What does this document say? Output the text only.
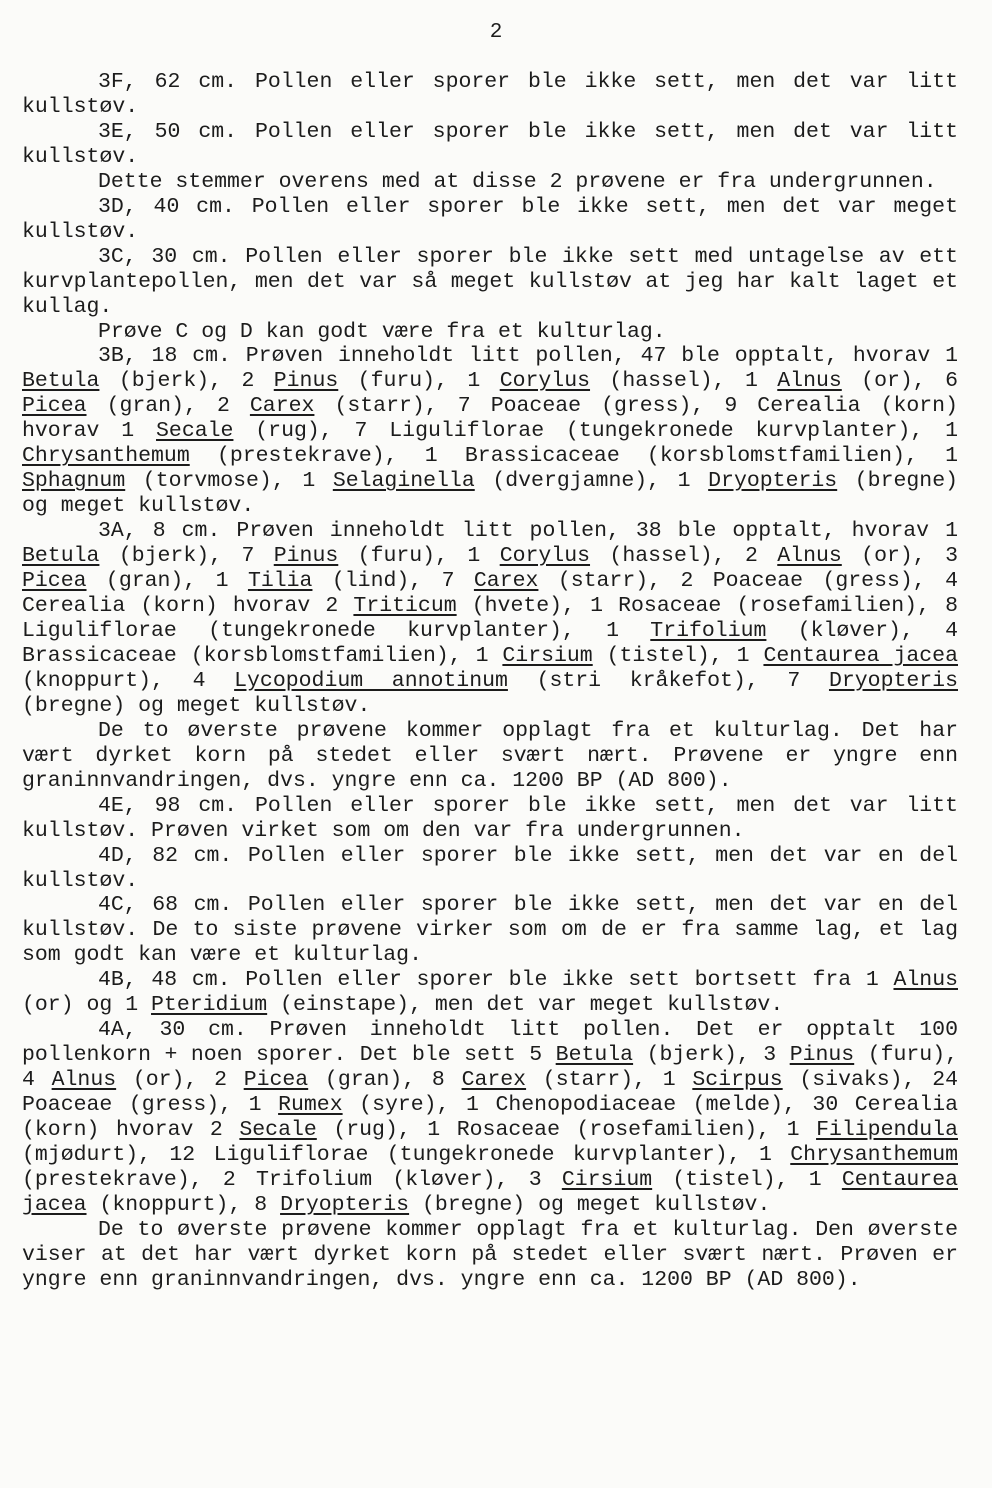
2

3F, 62 cm. Pollen eller sporer ble ikke sett, men det var litt kullstøv.

3E, 50 cm. Pollen eller sporer ble ikke sett, men det var litt kullstøv.

Dette stemmer overens med at disse 2 prøvene er fra undergrunnen.

3D, 40 cm. Pollen eller sporer ble ikke sett, men det var meget kullstøv.

3C, 30 cm. Pollen eller sporer ble ikke sett med untagelse av ett kurvplantepollen, men det var så meget kullstøv at jeg har kalt laget et kullag.

Prøve C og D kan godt være fra et kulturlag.

3B, 18 cm. Prøven inneholdt litt pollen, 47 ble opptalt, hvorav 1 Betula (bjerk), 2 Pinus (furu), 1 Corylus (hassel), 1 Alnus (or), 6 Picea (gran), 2 Carex (starr), 7 Poaceae (gress), 9 Cerealia (korn) hvorav 1 Secale (rug), 7 Liguliflorae (tungekronede kurvplanter), 1 Chrysanthemum (prestekrave), 1 Brassicaceae (korsblomstfamilien), 1 Sphagnum (torvmose), 1 Selaginella (dvergjamne), 1 Dryopteris (bregne) og meget kullstøv.

3A, 8 cm. Prøven inneholdt litt pollen, 38 ble opptalt, hvorav 1 Betula (bjerk), 7 Pinus (furu), 1 Corylus (hassel), 2 Alnus (or), 3 Picea (gran), 1 Tilia (lind), 7 Carex (starr), 2 Poaceae (gress), 4 Cerealia (korn) hvorav 2 Triticum (hvete), 1 Rosaceae (rosefamilien), 8 Liguliflorae (tungekronede kurvplanter), 1 Trifolium (kløver), 4 Brassicaceae (korsblomstfamilien), 1 Cirsium (tistel), 1 Centaurea jacea (knoppurt), 4 Lycopodium annotinum (stri kråkefot), 7 Dryopteris (bregne) og meget kullstøv.

De to øverste prøvene kommer opplagt fra et kulturlag. Det har vært dyrket korn på stedet eller svært nært. Prøvene er yngre enn graninnvandringen, dvs. yngre enn ca. 1200 BP (AD 800).

4E, 98 cm. Pollen eller sporer ble ikke sett, men det var litt kullstøv. Prøven virket som om den var fra undergrunnen.

4D, 82 cm. Pollen eller sporer ble ikke sett, men det var en del kullstøv.

4C, 68 cm. Pollen eller sporer ble ikke sett, men det var en del kullstøv. De to siste prøvene virker som om de er fra samme lag, et lag som godt kan være et kulturlag.

4B, 48 cm. Pollen eller sporer ble ikke sett bortsett fra 1 Alnus (or) og 1 Pteridium (einstape), men det var meget kullstøv.

4A, 30 cm. Prøven inneholdt litt pollen. Det er opptalt 100 pollenkorn + noen sporer. Det ble sett 5 Betula (bjerk), 3 Pinus (furu), 4 Alnus (or), 2 Picea (gran), 8 Carex (starr), 1 Scirpus (sivaks), 24 Poaceae (gress), 1 Rumex (syre), 1 Chenopodiaceae (melde), 30 Cerealia (korn) hvorav 2 Secale (rug), 1 Rosaceae (rosefamilien), 1 Filipendula (mjødurt), 12 Liguliflorae (tungekronede kurvplanter), 1 Chrysanthemum (prestekrave), 2 Trifolium (kløver), 3 Cirsium (tistel), 1 Centaurea jacea (knoppurt), 8 Dryopteris (bregne) og meget kullstøv.

De to øverste prøvene kommer opplagt fra et kulturlag. Den øverste viser at det har vært dyrket korn på stedet eller svært nært. Prøven er yngre enn graninnvandringen, dvs. yngre enn ca. 1200 BP (AD 800).
